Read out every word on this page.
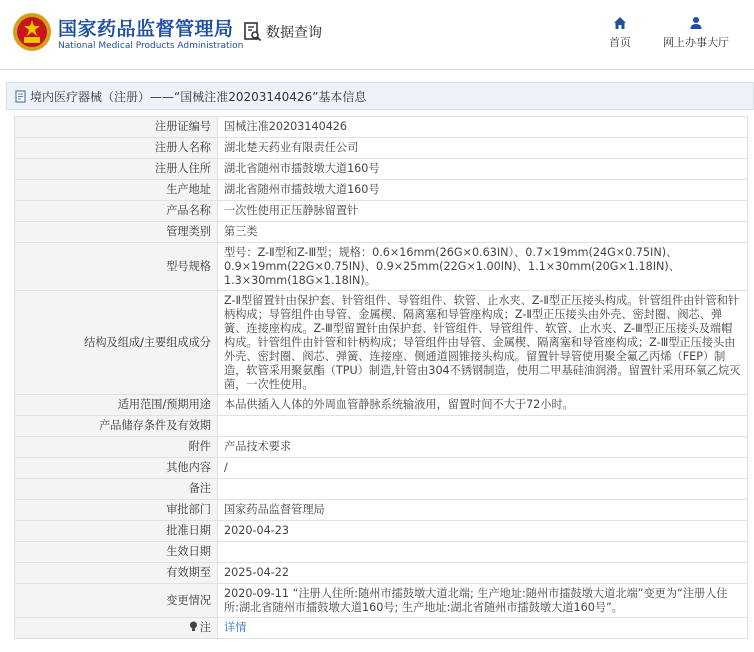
国家药品监督管理局
National Medical Products Administration
数据查询
首页	网上办事大厅
境内医疗器械（注册）——“国械注准20203140426”基本信息
注册证编号	国械注准20203140426
注册人名称	湖北楚天药业有限责任公司
注册人住所	湖北省随州市擂鼓墩大道160号
生产地址	湖北省随州市擂鼓墩大道160号
产品名称	一次性使用正压静脉留置针
管理类别	第三类
型号规格	型号：Z-Ⅱ型和Z-Ⅲ型；规格：0.6×16mm(26G×0.63IN）、0.7×19mm(24G×0.75IN)、0.9×19mm(22G×0.75IN)、0.9×25mm(22G×1.00IN)、1.1×30mm(20G×1.18IN)、1.3×30mm(18G×1.18IN)。
结构及组成/主要组成成分	Z-Ⅱ型留置针由保护套、针管组件、导管组件、软管、止水夹、Z-Ⅱ型正压接头构成。针管组件由针管和针柄构成；导管组件由导管、金属楔、隔离塞和导管座构成；Z-Ⅱ型正压接头由外壳、密封圈、阀芯、弹簧、连接座构成。Z-Ⅲ型留置针由保护套、针管组件、导管组件、软管、止水夹、Z-Ⅲ型正压接头及端帽构成。针管组件由针管和针柄构成；导管组件由导管、金属楔、隔离塞和导管座构成；Z-Ⅲ型正压接头由外壳、密封圈、阀芯、弹簧、连接座、侧通道圆锥接头构成。留置针导管使用聚全氟乙丙烯（FEP）制造，软管采用聚氨酯（TPU）制造,针管由304不锈钢制造，使用二甲基硅油润滑。留置针采用环氧乙烷灭菌，一次性使用。
适用范围/预期用途	本品供插入人体的外周血管静脉系统输液用，留置时间不大于72小时。
产品储存条件及有效期	
附件	产品技术要求
其他内容	/
备注	
审批部门	国家药品监督管理局
批准日期	2020-04-23
生效日期	
有效期至	2025-04-22
变更情况	2020-09-11 “注册人住所:随州市擂鼓墩大道北端; 生产地址:随州市擂鼓墩大道北端”变更为“注册人住所:湖北省随州市擂鼓墩大道160号; 生产地址:湖北省随州市擂鼓墩大道160号”。
注	详情
